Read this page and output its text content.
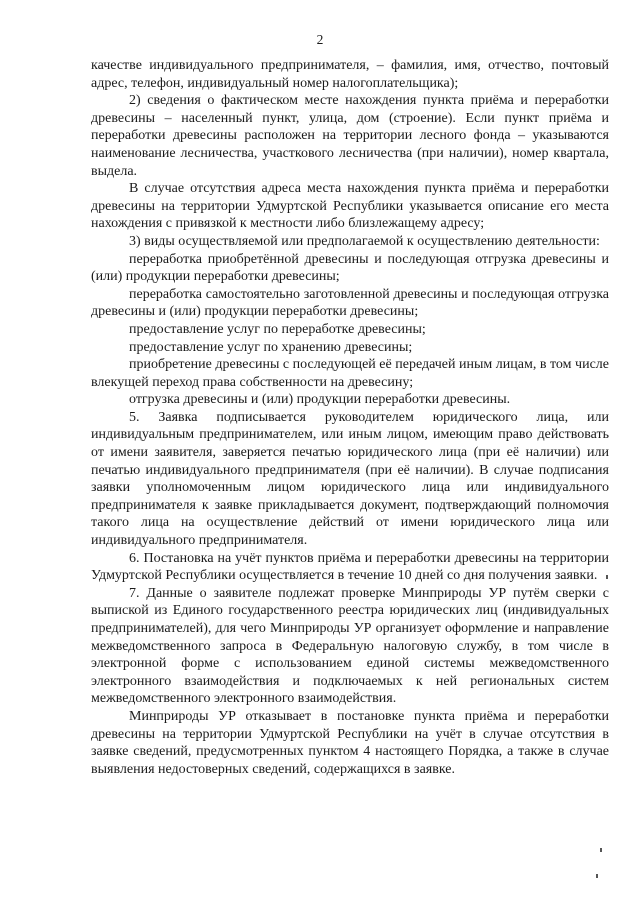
2

качестве индивидуального предпринимателя, – фамилия, имя, отчество, почтовый адрес, телефон, индивидуальный номер налогоплательщика);

2) сведения о фактическом месте нахождения пункта приёма и переработки древесины – населенный пункт, улица, дом (строение). Если пункт приёма и переработки древесины расположен на территории лесного фонда – указываются наименование лесничества, участкового лесничества (при наличии), номер квартала, выдела.

В случае отсутствия адреса места нахождения пункта приёма и переработки древесины на территории Удмуртской Республики указывается описание его места нахождения с привязкой к местности либо близлежащему адресу;

3) виды осуществляемой или предполагаемой к осуществлению деятельности:

переработка приобретённой древесины и последующая отгрузка древесины и (или) продукции переработки древесины;

переработка самостоятельно заготовленной древесины и последующая отгрузка древесины и (или) продукции переработки древесины;

предоставление услуг по переработке древесины;

предоставление услуг по хранению древесины;

приобретение древесины с последующей её передачей иным лицам, в том числе влекущей переход права собственности на древесину;

отгрузка древесины и (или) продукции переработки древесины.

5. Заявка подписывается руководителем юридического лица, или индивидуальным предпринимателем, или иным лицом, имеющим право действовать от имени заявителя, заверяется печатью юридического лица (при её наличии) или печатью индивидуального предпринимателя (при её наличии). В случае подписания заявки уполномоченным лицом юридического лица или индивидуального предпринимателя к заявке прикладывается документ, подтверждающий полномочия такого лица на осуществление действий от имени юридического лица или индивидуального предпринимателя.

6. Постановка на учёт пунктов приёма и переработки древесины на территории Удмуртской Республики осуществляется в течение 10 дней со дня получения заявки.

7. Данные о заявителе подлежат проверке Минприроды УР путём сверки с выпиской из Единого государственного реестра юридических лиц (индивидуальных предпринимателей), для чего Минприроды УР организует оформление и направление межведомственного запроса в Федеральную налоговую службу, в том числе в электронной форме с использованием единой системы межведомственного электронного взаимодействия и подключаемых к ней региональных систем межведомственного электронного взаимодействия.

Минприроды УР отказывает в постановке пункта приёма и переработки древесины на территории Удмуртской Республики на учёт в случае отсутствия в заявке сведений, предусмотренных пунктом 4 настоящего Порядка, а также в случае выявления недостоверных сведений, содержащихся в заявке.
